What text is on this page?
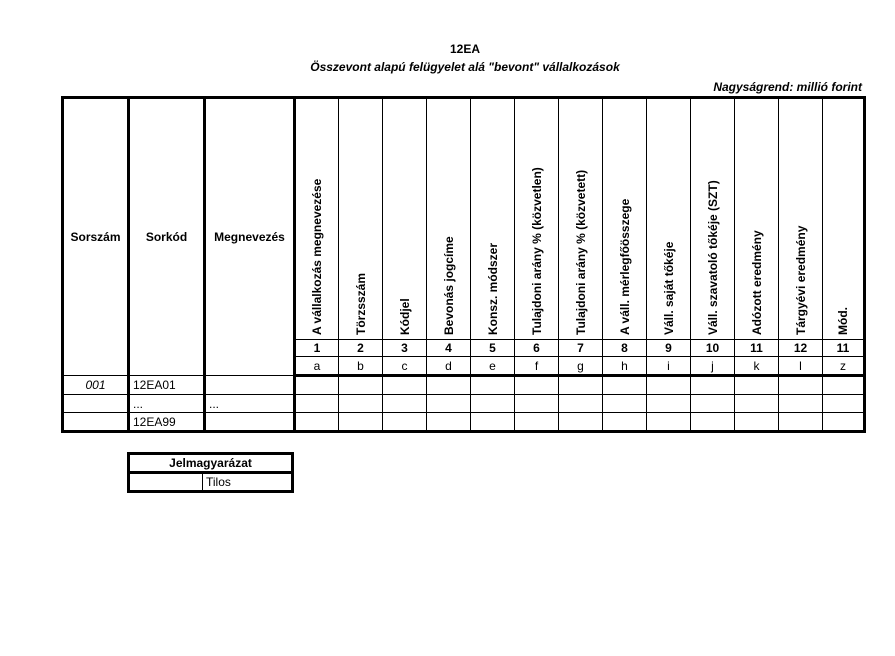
12EA
Összevont alapú felügyelet alá "bevont" vállalkozások
Nagyságrend: millió forint
Sorszám	Sorkód	Megnevezés	A vállalkozás megnevezése	Törzsszám	Kódjel	Bevonás jogcíme	Konsz. módszer	Tulajdoni arány % (közvetlen)	Tulajdoni arány % (közvetett)	A váll. mérlegfőösszege	Váll. saját tőkéje	Váll. szavatoló tőkéje (SZT)	Adózott eredmény	Tárgyévi eredmény	Mód.

			1	2	3	4	5	6	7	8	9	10	11	12	11
			a	b	c	d	e	f	g	h	i	j	k	l	z
001	12EA01														
	...	...													
	12EA99														
Jelmagyarázat
	Tilos
